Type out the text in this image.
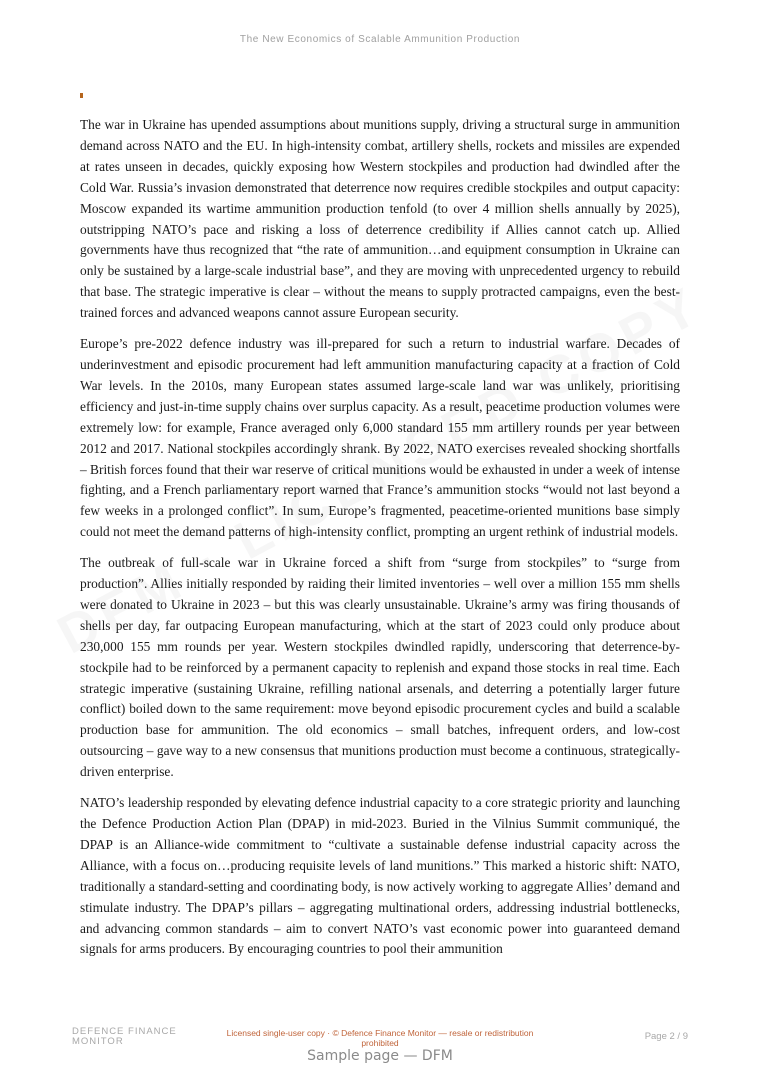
The New Economics of Scalable Ammunition Production

The war in Ukraine has upended assumptions about munitions supply, driving a structural surge in ammunition demand across NATO and the EU. In high-intensity combat, artillery shells, rockets and missiles are expended at rates unseen in decades, quickly exposing how Western stockpiles and production had dwindled after the Cold War. Russia’s invasion demonstrated that deterrence now requires credible stockpiles and output capacity: Moscow expanded its wartime ammunition production tenfold (to over 4 million shells annually by 2025), outstripping NATO’s pace and risking a loss of deterrence credibility if Allies cannot catch up. Allied governments have thus recognized that “the rate of ammunition…and equipment consumption in Ukraine can only be sustained by a large-scale industrial base”, and they are moving with unprecedented urgency to rebuild that base. The strategic imperative is clear – without the means to supply protracted campaigns, even the best-trained forces and advanced weapons cannot assure European security.

Europe’s pre-2022 defence industry was ill-prepared for such a return to industrial warfare. Decades of underinvestment and episodic procurement had left ammunition manufacturing capacity at a fraction of Cold War levels. In the 2010s, many European states assumed large-scale land war was unlikely, prioritising efficiency and just-in-time supply chains over surplus capacity. As a result, peacetime production volumes were extremely low: for example, France averaged only 6,000 standard 155 mm artillery rounds per year between 2012 and 2017. National stockpiles accordingly shrank. By 2022, NATO exercises revealed shocking shortfalls – British forces found that their war reserve of critical munitions would be exhausted in under a week of intense fighting, and a French parliamentary report warned that France’s ammunition stocks “would not last beyond a few weeks in a prolonged conflict”. In sum, Europe’s fragmented, peacetime-oriented munitions base simply could not meet the demand patterns of high-intensity conflict, prompting an urgent rethink of industrial models.

The outbreak of full-scale war in Ukraine forced a shift from “surge from stockpiles” to “surge from production”. Allies initially responded by raiding their limited inventories – well over a million 155 mm shells were donated to Ukraine in 2023 – but this was clearly unsustainable. Ukraine’s army was firing thousands of shells per day, far outpacing European manufacturing, which at the start of 2023 could only produce about 230,000 155 mm rounds per year. Western stockpiles dwindled rapidly, underscoring that deterrence-by-stockpile had to be reinforced by a permanent capacity to replenish and expand those stocks in real time. Each strategic imperative (sustaining Ukraine, refilling national arsenals, and deterring a potentially larger future conflict) boiled down to the same requirement: move beyond episodic procurement cycles and build a scalable production base for ammunition. The old economics – small batches, infrequent orders, and low-cost outsourcing – gave way to a new consensus that munitions production must become a continuous, strategically-driven enterprise.

NATO’s leadership responded by elevating defence industrial capacity to a core strategic priority and launching the Defence Production Action Plan (DPAP) in mid-2023. Buried in the Vilnius Summit communiqué, the DPAP is an Alliance-wide commitment to “cultivate a sustainable defense industrial capacity across the Alliance, with a focus on…producing requisite levels of land munitions.” This marked a historic shift: NATO, traditionally a standard-setting and coordinating body, is now actively working to aggregate Allies’ demand and stimulate industry. The DPAP’s pillars – aggregating multinational orders, addressing industrial bottlenecks, and advancing common standards – aim to convert NATO’s vast economic power into guaranteed demand signals for arms producers. By encouraging countries to pool their ammunition

DEFENCE FINANCE
MONITOR
Licensed single-user copy · © Defence Finance Monitor — resale or redistribution prohibited
Page 2 / 9
Sample page — DFM
